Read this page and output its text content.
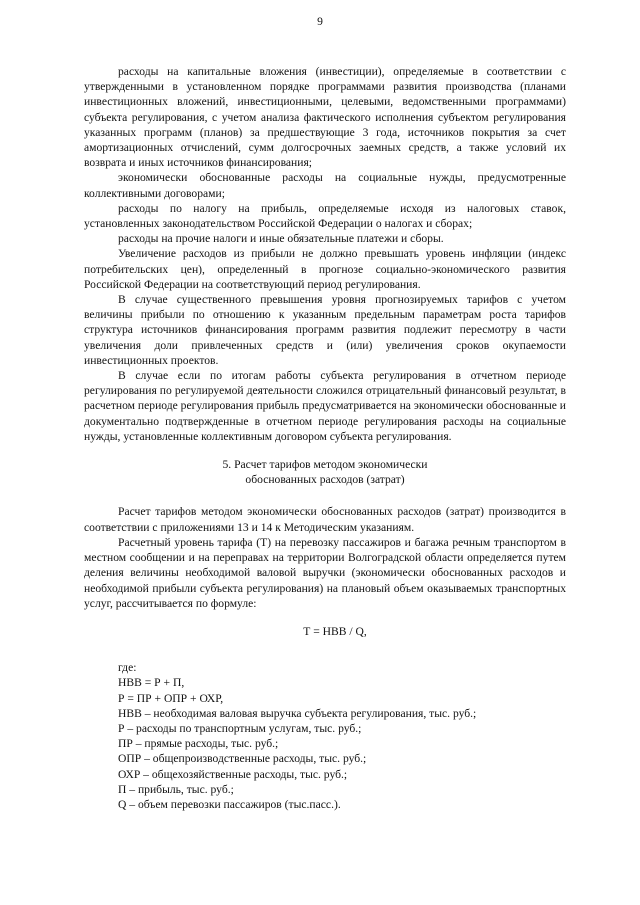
9

расходы на капитальные вложения (инвестиции), определяемые в соответствии с утвержденными в установленном порядке программами развития производства (планами инвестиционных вложений, инвестиционными, целевыми, ведомственными программами) субъекта регулирования, с учетом анализа фактического исполнения субъектом регулирования указанных программ (планов) за предшествующие 3 года, источников покрытия за счет амортизационных отчислений, сумм долгосрочных заемных средств, а также условий их возврата и иных источников финансирования;

экономически обоснованные расходы на социальные нужды, предусмотренные коллективными договорами;

расходы по налогу на прибыль, определяемые исходя из налоговых ставок, установленных законодательством Российской Федерации о налогах и сборах;

расходы на прочие налоги и иные обязательные платежи и сборы.

Увеличение расходов из прибыли не должно превышать уровень инфляции (индекс потребительских цен), определенный в прогнозе социально-экономического развития Российской Федерации на соответствующий период регулирования.

В случае существенного превышения уровня прогнозируемых тарифов с учетом величины прибыли по отношению к указанным предельным параметрам роста тарифов структура источников финансирования программ развития подлежит пересмотру в части увеличения доли привлеченных средств и (или) увеличения сроков окупаемости инвестиционных проектов.

В случае если по итогам работы субъекта регулирования в отчетном периоде регулирования по регулируемой деятельности сложился отрицательный финансовый результат, в расчетном периоде регулирования прибыль предусматривается на экономически обоснованные и документально подтвержденные в отчетном периоде регулирования расходы на социальные нужды, установленные коллективным договором субъекта регулирования.

5. Расчет тарифов методом экономически
обоснованных расходов (затрат)

Расчет тарифов методом экономически обоснованных расходов (затрат) производится в соответствии с приложениями 13 и 14 к Методическим указаниям.

Расчетный уровень тарифа (Т) на перевозку пассажиров и багажа речным транспортом в местном сообщении и на переправах на территории Волгоградской области определяется путем деления величины необходимой валовой выручки (экономически обоснованных расходов и необходимой прибыли субъекта регулирования) на плановый объем оказываемых транспортных услуг, рассчитывается по формуле:

Т = НВВ / Q,
где:
НВВ = Р + П,
Р = ПР + ОПР + ОХР,
НВВ – необходимая валовая выручка субъекта регулирования, тыс. руб.;
Р – расходы по транспортным услугам, тыс. руб.;
ПР – прямые расходы, тыс. руб.;
ОПР – общепроизводственные расходы, тыс. руб.;
ОХР – общехозяйственные расходы, тыс. руб.;
П – прибыль, тыс. руб.;
Q – объем перевозки пассажиров (тыс.пасс.).
